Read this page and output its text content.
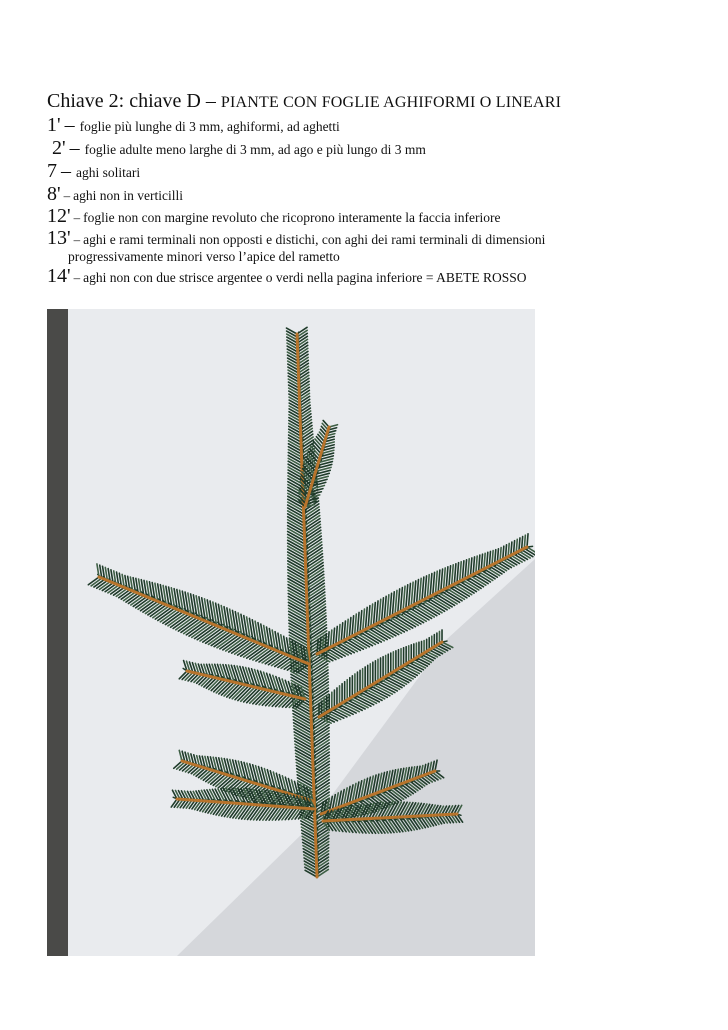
Chiave 2: chiave D – PIANTE CON FOGLIE AGHIFORMI O LINEARI
1' – foglie più lunghe di 3 mm, aghiformi, ad aghetti
2' – foglie adulte meno larghe di 3 mm, ad ago e più lungo di 3 mm
7 – aghi solitari
8' – aghi non in verticilli
12' – foglie non con margine revoluto che ricoprono interamente la faccia inferiore
13' – aghi e rami terminali non opposti e distichi, con aghi dei rami terminali di dimensioni
progressivamente minori verso l’apice del rametto
14' – aghi non con due strisce argentee o verdi nella pagina inferiore = ABETE ROSSO
